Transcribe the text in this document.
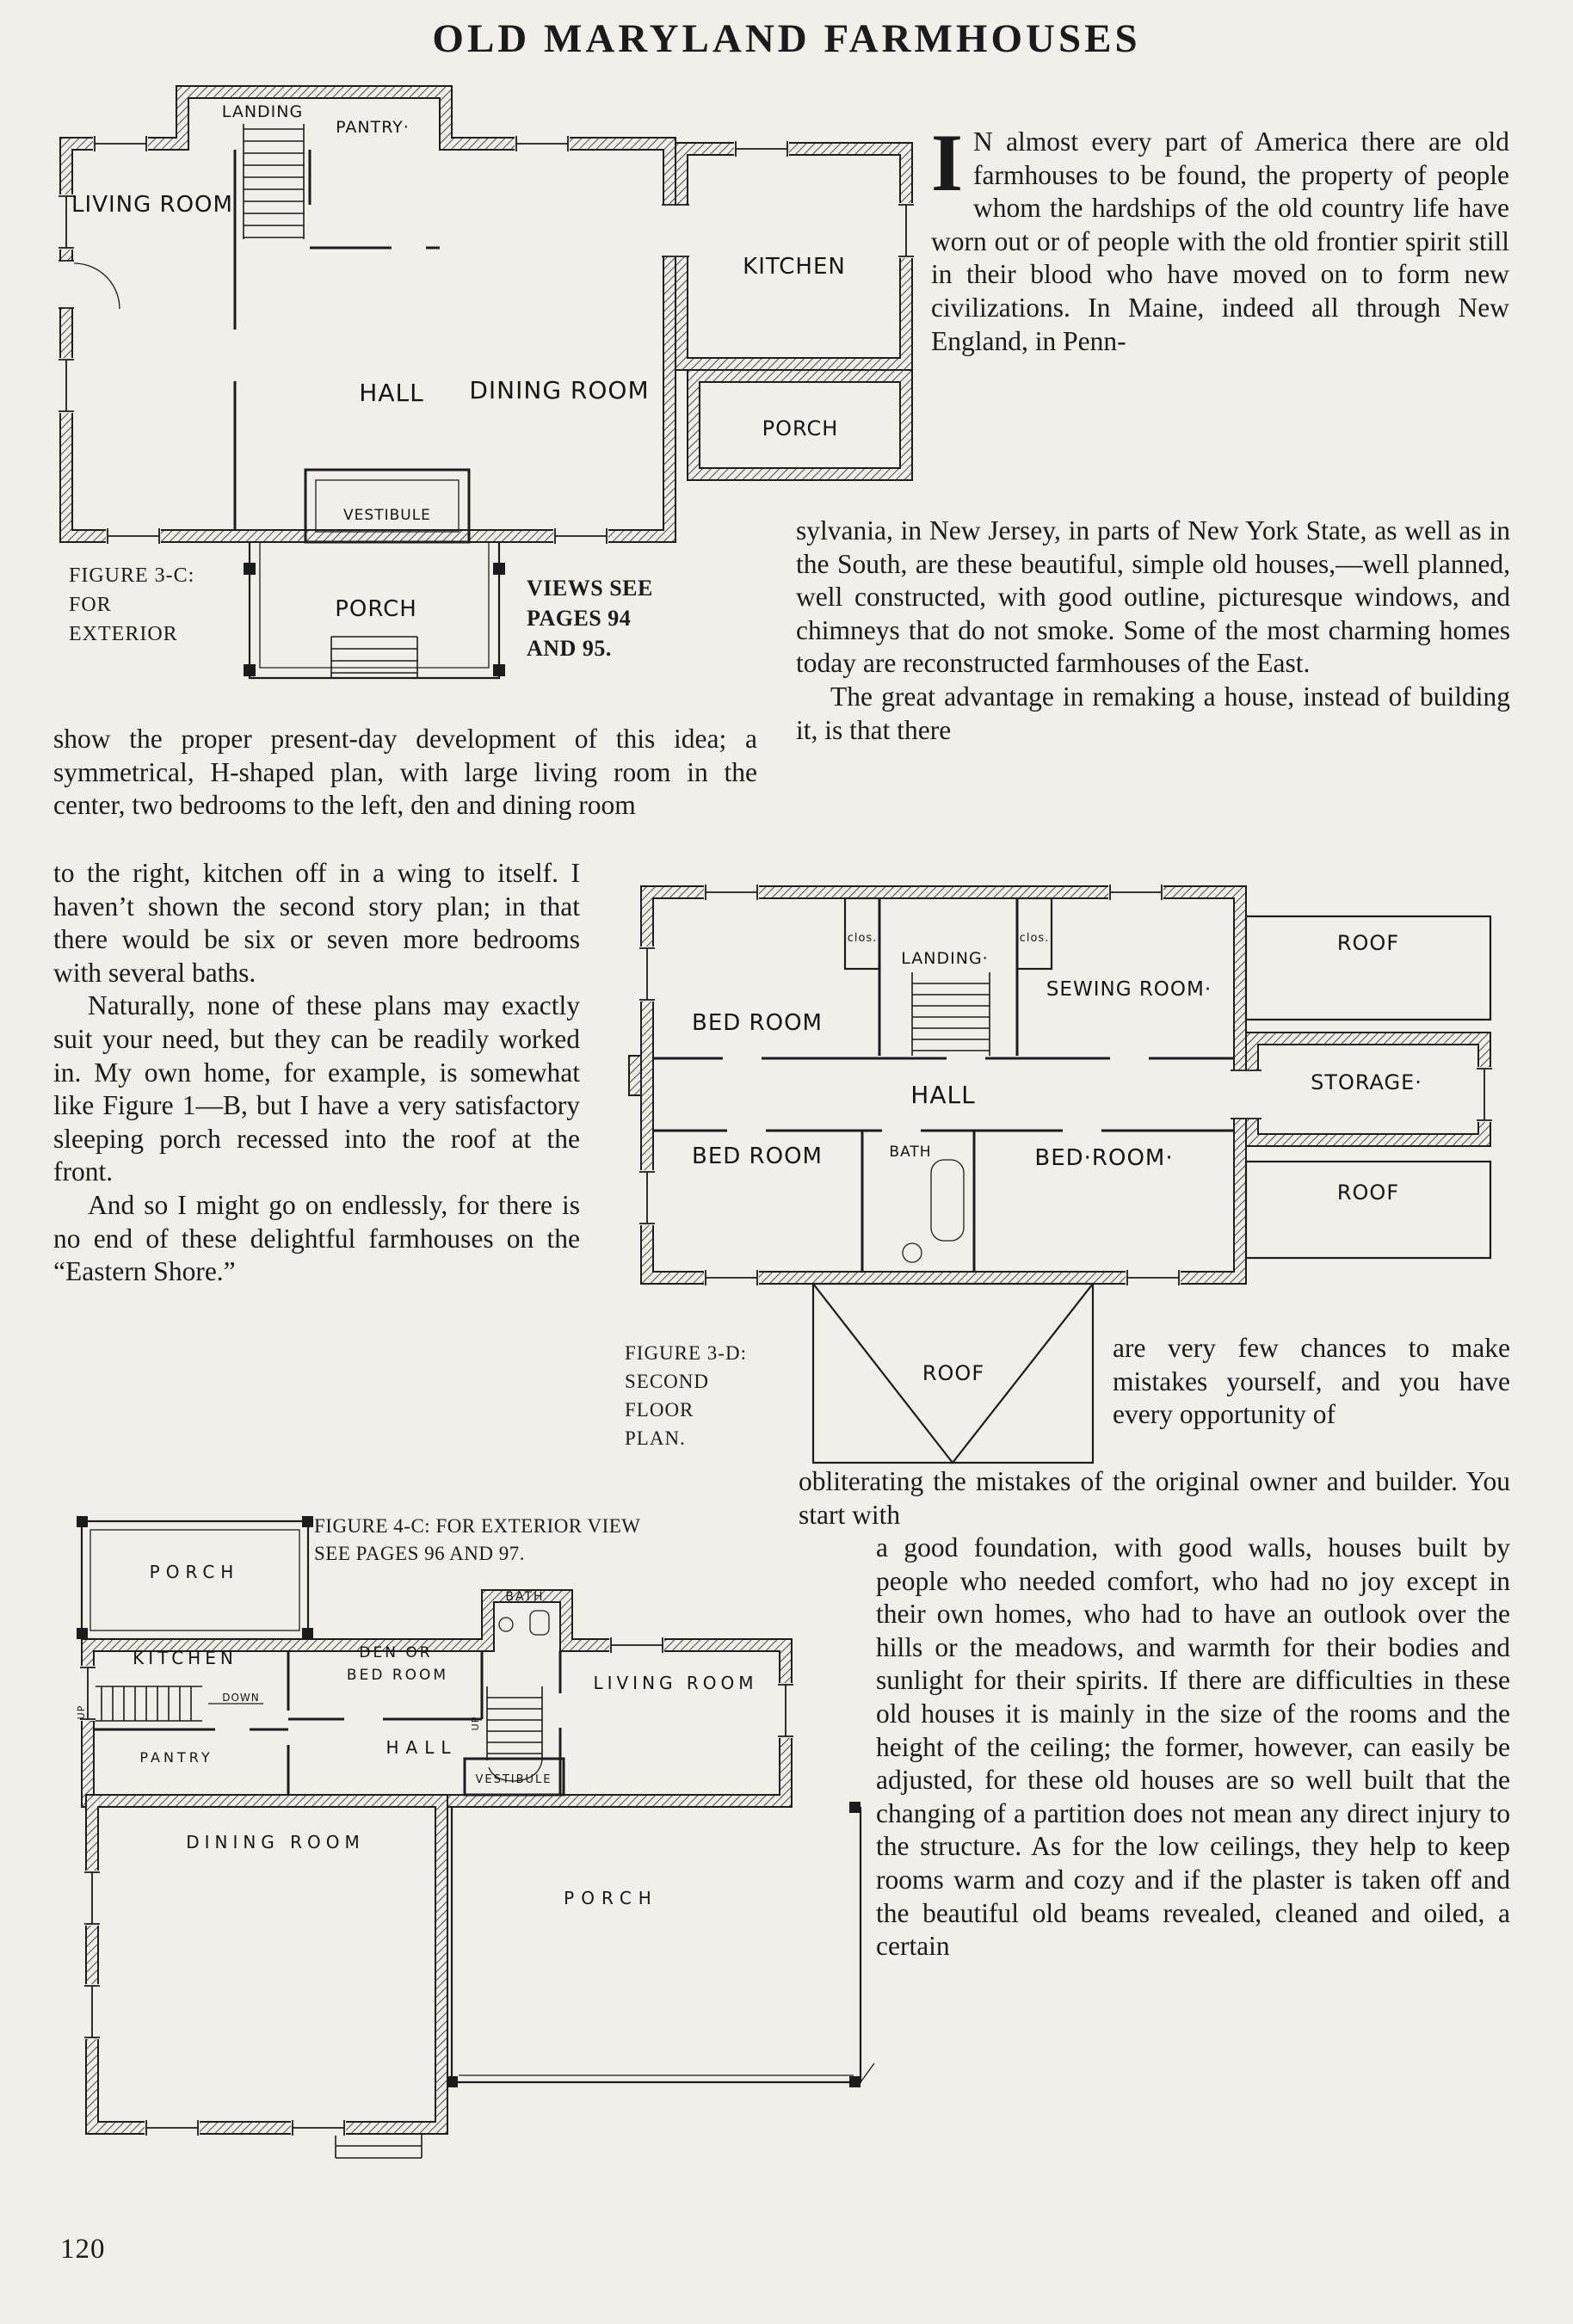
OLD MARYLAND FARMHOUSES
LIVING ROOM
LANDING
PANTRY·
KITCHEN
HALL DINING ROOM
PORCH
VESTIBULE
PORCH
FIGURE 3-C:
FOR
EXTERIOR
VIEWS SEE
PAGES 94
AND 95.
I N almost every part of America there are old farmhouses to be found, the property of people whom the hardships of the old country life have worn out or of people with the old frontier spirit still in their blood who have moved on to form new civilizations. In Maine, indeed all through New England, in Penn-
sylvania, in New Jersey, in parts of New York State, as well as in the South, are these beautiful, simple old houses,—well planned, well constructed, with good outline, picturesque windows, and chimneys that do not smoke. Some of the most charming homes today are reconstructed farmhouses of the East.
The great advantage in remaking a house, instead of building it, is that there
show the proper present-day development of this idea; a symmetrical, H-shaped plan, with large living room in the center, two bedrooms to the left, den and dining room
to the right, kitchen off in a wing to itself. I haven’t shown the second story plan; in that there would be six or seven more bedrooms with several baths.
Naturally, none of these plans may exactly suit your need, but they can be readily worked in. My own home, for example, is somewhat like Figure 1—B, but I have a very satisfactory sleeping porch recessed into the roof at the front.
And so I might go on endlessly, for there is no end of these delightful farmhouses on the “Eastern Shore.”
BED ROOM
clos.
LANDING·
clos.
SEWING ROOM·
ROOF
HALL	STORAGE·
BED ROOM	BATH	BED·ROOM·
ROOF
ROOF
FIGURE 3-D:
SECOND
FLOOR
PLAN.
are very few chances to make mistakes yourself, and you have every opportunity of
obliterating the mistakes of the original owner and builder. You start with
a good foundation, with good walls, houses built by people who needed comfort, who had no joy except in their own homes, who had to have an outlook over the hills or the meadows, and warmth for their bodies and sunlight for their spirits. If there are difficulties in these old houses it is mainly in the size of the rooms and the height of the ceiling; the former, however, can easily be adjusted, for these old houses are so well built that the changing of a partition does not mean any direct injury to the structure. As for the low ceilings, they help to keep rooms warm and cozy and if the plaster is taken off and the beautiful old beams revealed, cleaned and oiled, a certain
PORCH
KITCHEN	DEN OR
BED ROOM
BATH
LIVING ROOM
DOWN
UP
UP
PANTRY	HALL
VESTIBULE
DINING ROOM
PORCH
FIGURE 4-C: FOR EXTERIOR VIEW
SEE PAGES 96 AND 97.
120
